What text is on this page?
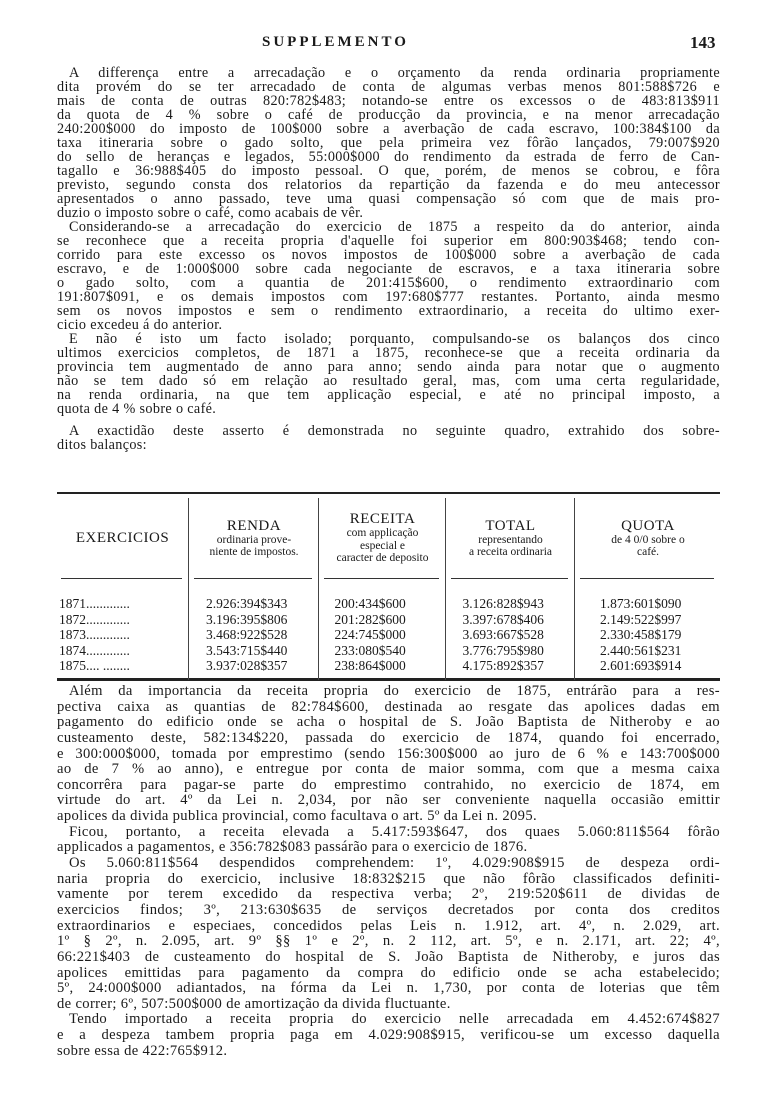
SUPPLEMENTO	143
A differença entre a arrecadação e o orçamento da renda ordinaria propriamente
dita provém do se ter arrecadado de conta de algumas verbas menos 801:588$726 e
mais de conta de outras 820:782$483; notando-se entre os excessos o de 483:813$911
da quota de 4 % sobre o café de producção da provincia, e na menor arrecadação
240:200$000 do imposto de 100$000 sobre a averbação de cada escravo, 100:384$100 da
taxa itineraria sobre o gado solto, que pela primeira vez fôrão lançados, 79:007$920
do sello de heranças e legados, 55:000$000 do rendimento da estrada de ferro de Can-
tagallo e 36:988$405 do imposto pessoal. O que, porém, de menos se cobrou, e fôra
previsto, segundo consta dos relatorios da repartição da fazenda e do meu antecessor
apresentados o anno passado, teve uma quasi compensação só com que de mais pro-
duzio o imposto sobre o café, como acabais de vêr.
Considerando-se a arrecadação do exercicio de 1875 a respeito da do anterior, ainda
se reconhece que a receita propria d'aquelle foi superior em 800:903$468; tendo con-
corrido para este excesso os novos impostos de 100$000 sobre a averbação de cada
escravo, e de 1:000$000 sobre cada negociante de escravos, e a taxa itineraria sobre
o gado solto, com a quantia de 201:415$600, o rendimento extraordinario com
191:807$091, e os demais impostos com 197:680$777 restantes. Portanto, ainda mesmo
sem os novos impostos e sem o rendimento extraordinario, a receita do ultimo exer-
cicio excedeu á do anterior.
E não é isto um facto isolado; porquanto, compulsando-se os balanços dos cinco
ultimos exercicios completos, de 1871 a 1875, reconhece-se que a receita ordinaria da
provincia tem augmentado de anno para anno; sendo ainda para notar que o augmento
não se tem dado só em relação ao resultado geral, mas, com uma certa regularidade,
na renda ordinaria, na que tem applicação especial, e até no principal imposto, a
quota de 4 % sobre o café.
A exactidão deste asserto é demonstrada no seguinte quadro, extrahido dos sobre-
ditos balanços:
EXERCICIOS
RENDA
ordinaria prove-
niente de impostos.
RECEITA
com applicação
especial e
caracter de deposito
TOTAL
representando
a receita ordinaria
QUOTA
de 4 0/0 sobre o
café.
1871.............	2.926:394$343	200:434$600	3.126:828$943	1.873:601$090
1872.............	3.196:395$806	201:282$600	3.397:678$406	2.149:522$997
1873.............	3.468:922$528	224:745$000	3.693:667$528	2.330:458$179
1874.............	3.543:715$440	233:080$540	3.776:795$980	2.440:561$231
1875.... ........	3.937:028$357	238:864$000	4.175:892$357	2.601:693$914
Além da importancia da receita propria do exercicio de 1875, entrárão para a res-
pectiva caixa as quantias de 82:784$600, destinada ao resgate das apolices dadas em
pagamento do edificio onde se acha o hospital de S. João Baptista de Nitheroby e ao
custeamento deste, 582:134$220, passada do exercicio de 1874, quando foi encerrado,
e 300:000$000, tomada por emprestimo (sendo 156:300$000 ao juro de 6 % e 143:700$000
ao de 7 % ao anno), e entregue por conta de maior somma, com que a mesma caixa
concorrêra para pagar-se parte do emprestimo contrahido, no exercicio de 1874, em
virtude do art. 4º da Lei n. 2,034, por não ser conveniente naquella occasião emittir
apolices da divida publica provincial, como facultava o art. 5º da Lei n. 2095.
Ficou, portanto, a receita elevada a 5.417:593$647, dos quaes 5.060:811$564 fôrão
applicados a pagamentos, e 356:782$083 passárão para o exercicio de 1876.
Os 5.060:811$564 despendidos comprehendem: 1º, 4.029:908$915 de despeza ordi-
naria propria do exercicio, inclusive 18:832$215 que não fôrão classificados definiti-
vamente por terem excedido da respectiva verba; 2º, 219:520$611 de dividas de
exercicios findos; 3º, 213:630$635 de serviços decretados por conta dos creditos
extraordinarios e especiaes, concedidos pelas Leis n. 1.912, art. 4º, n. 2.029, art.
1º § 2º, n. 2.095, art. 9º §§ 1º e 2º, n. 2 112, art. 5º, e n. 2.171, art. 22; 4º,
66:221$403 de custeamento do hospital de S. João Baptista de Nitheroby, e juros das
apolices emittidas para pagamento da compra do edificio onde se acha estabelecido;
5º, 24:000$000 adiantados, na fórma da Lei n. 1,730, por conta de loterias que têm
de correr; 6º, 507:500$000 de amortização da divida fluctuante.
Tendo importado a receita propria do exercicio nelle arrecadada em 4.452:674$827
e a despeza tambem propria paga em 4.029:908$915, verificou-se um excesso daquella
sobre essa de 422:765$912.
